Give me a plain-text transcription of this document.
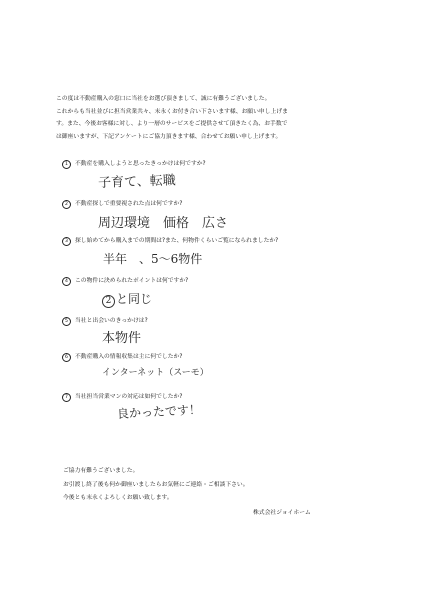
この度は不動産購入の窓口に当社をお選び頂きまして、誠に有難うございました。
これからも当社並びに担当営業共々、末永くお付き合い下さいます様、お願い申し上げま
す。また、今後お客様に対し、より一層のサービスをご提供させて頂きたく為、お手数で
は御座いますが、下記アンケートにご協力頂きます様、合わせてお願い申し上げます。
1	不動産を購入しようと思ったきっかけは何ですか?
子育て、転職
2	不動産探しで重要視された点は何ですか?
周辺環境　価格　広さ
3	探し始めてから購入までの期間は?また、何物件くらいご覧になられましたか?
半年　、5〜6物件
4	この物件に決められたポイントは何ですか?
2 と同じ
5	当社と出会いのきっかけは?
本物件
6	不動産購入の情報収集は主に何でしたか?
インターネット（スーモ）
7	当社担当営業マンの対応は如何でしたか?
良かったです！
ご協力有難うございました。
お引渡し終了後も何か御座いましたらお気軽にご連絡・ご相談下さい。
今後とも末永くよろしくお願い致します。
株式会社ジョイホーム
